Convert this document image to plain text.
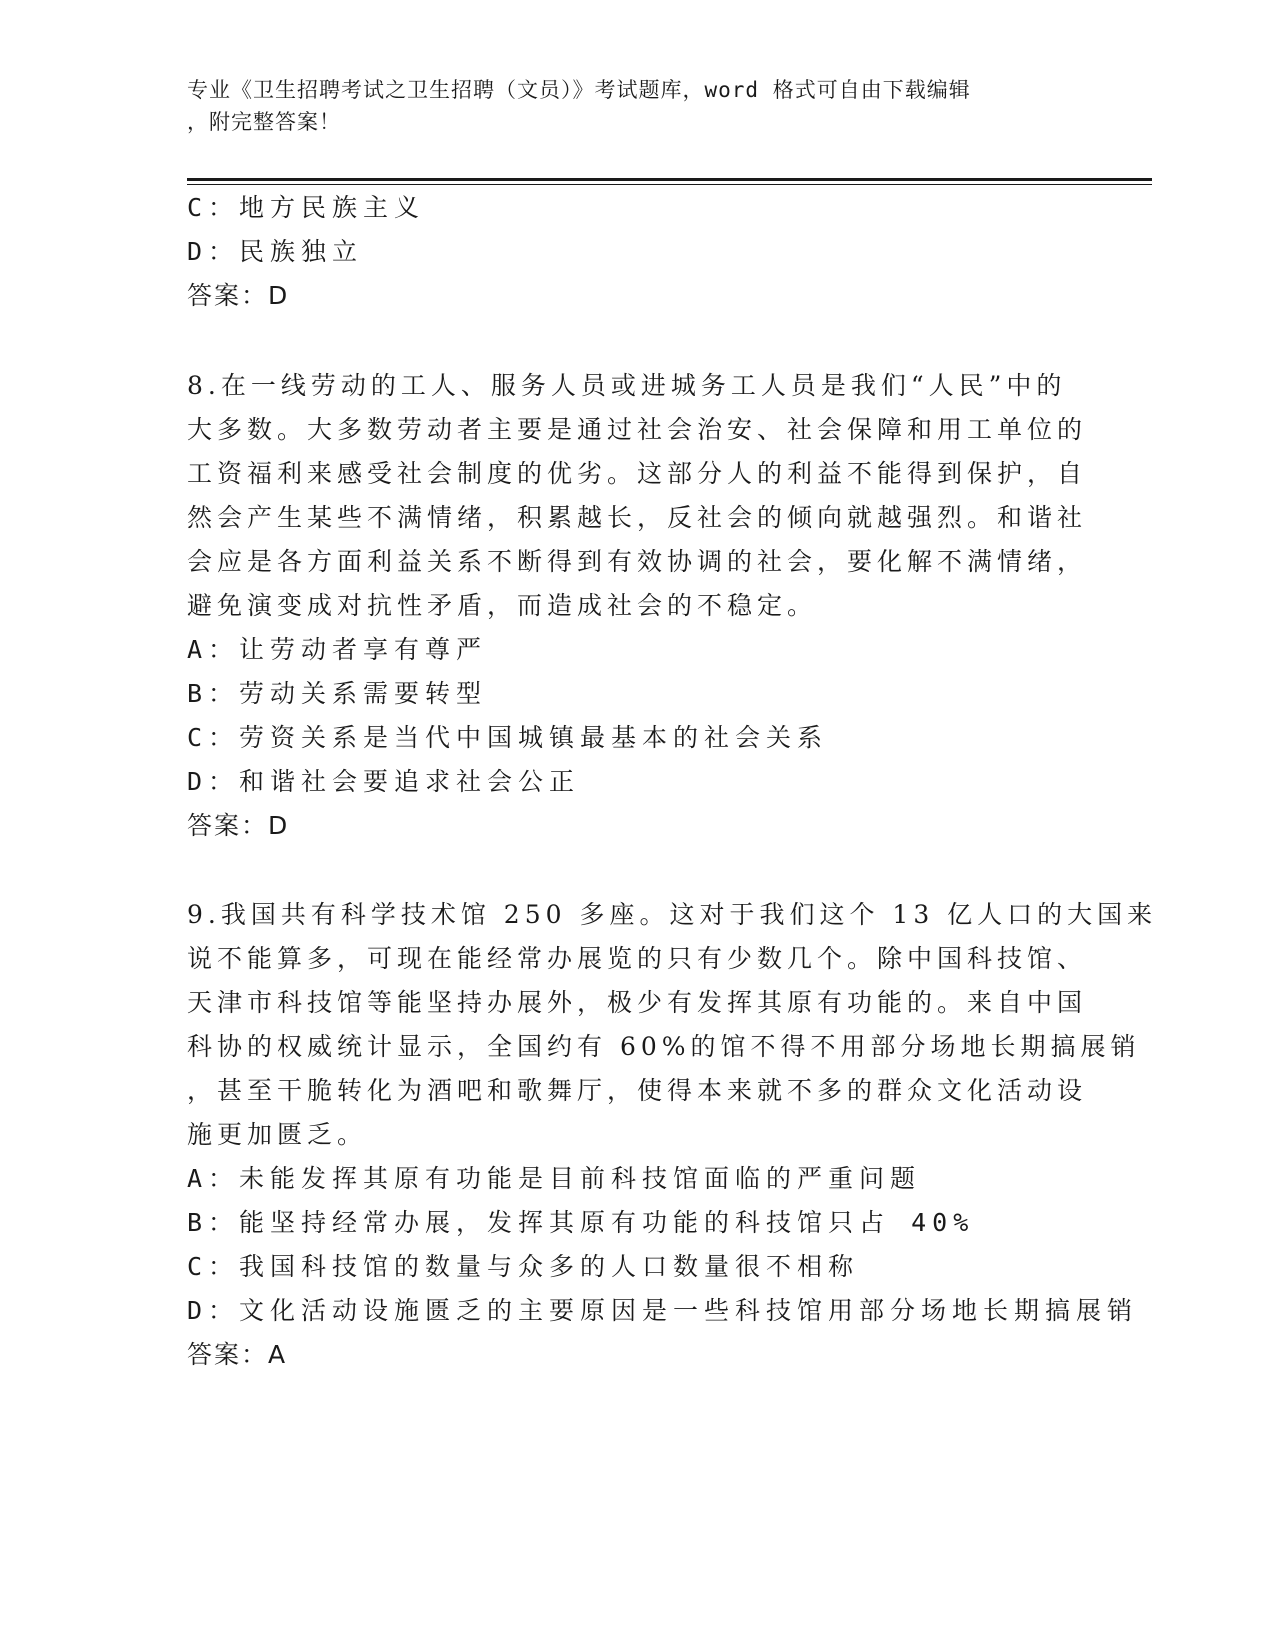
专业《卫生招聘考试之卫生招聘（文员）》考试题库，word 格式可自由下载编辑
，附完整答案！
C：地方民族主义
D：民族独立
答案：D
8.在一线劳动的工人、服务人员或进城务工人员是我们“人民”中的
大多数。大多数劳动者主要是通过社会治安、社会保障和用工单位的
工资福利来感受社会制度的优劣。这部分人的利益不能得到保护，自
然会产生某些不满情绪，积累越长，反社会的倾向就越强烈。和谐社
会应是各方面利益关系不断得到有效协调的社会，要化解不满情绪，
避免演变成对抗性矛盾，而造成社会的不稳定。
A：让劳动者享有尊严
B：劳动关系需要转型
C：劳资关系是当代中国城镇最基本的社会关系
D：和谐社会要追求社会公正
答案：D
9.我国共有科学技术馆 250 多座。这对于我们这个 13 亿人口的大国来
说不能算多，可现在能经常办展览的只有少数几个。除中国科技馆、
天津市科技馆等能坚持办展外，极少有发挥其原有功能的。来自中国
科协的权威统计显示，全国约有 60%的馆不得不用部分场地长期搞展销
，甚至干脆转化为酒吧和歌舞厅，使得本来就不多的群众文化活动设
施更加匮乏。
A：未能发挥其原有功能是目前科技馆面临的严重问题
B：能坚持经常办展，发挥其原有功能的科技馆只占 40%
C：我国科技馆的数量与众多的人口数量很不相称
D：文化活动设施匮乏的主要原因是一些科技馆用部分场地长期搞展销
答案：A
